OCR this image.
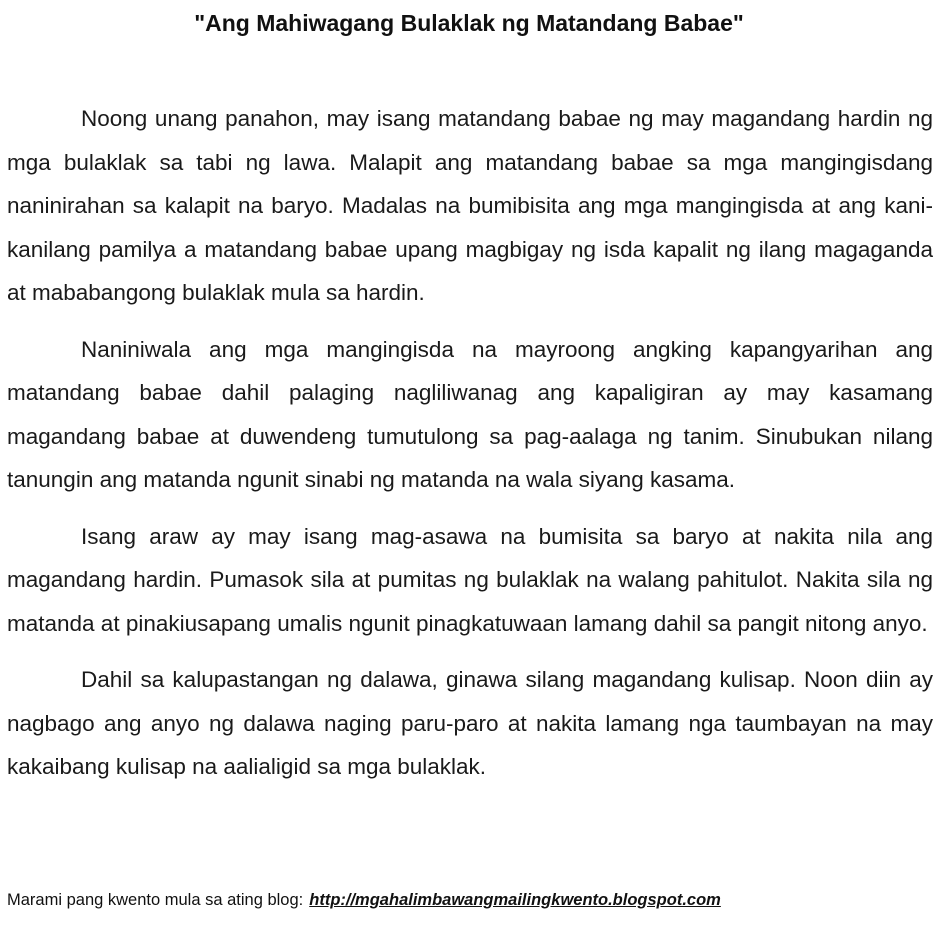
"Ang Mahiwagang Bulaklak ng Matandang Babae"

Noong unang panahon, may isang matandang babae ng may magandang hardin ng mga bulaklak sa tabi ng lawa. Malapit ang matandang babae sa mga mangingisdang naninirahan sa kalapit na baryo. Madalas na bumibisita ang mga mangingisda at ang kani-kanilang pamilya a matandang babae upang magbigay ng isda kapalit ng ilang magaganda at mababangong bulaklak mula sa hardin.

Naniniwala ang mga mangingisda na mayroong angking kapangyarihan ang matandang babae dahil palaging nagliliwanag ang kapaligiran ay may kasamang magandang babae at duwendeng tumutulong sa pag-aalaga ng tanim. Sinubukan nilang tanungin ang matanda ngunit sinabi ng matanda na wala siyang kasama.

Isang araw ay may isang mag-asawa na bumisita sa baryo at nakita nila ang magandang hardin. Pumasok sila at pumitas ng bulaklak na walang pahitulot. Nakita sila ng matanda at pinakiusapang umalis ngunit pinagkatuwaan lamang dahil sa pangit nitong anyo.

Dahil sa kalupastangan ng dalawa, ginawa silang magandang kulisap. Noon diin ay nagbago ang anyo ng dalawa naging paru-paro at nakita lamang nga taumbayan na may kakaibang kulisap na aalialigid sa mga bulaklak.

Marami pang kwento mula sa ating blog: http://mgahalimbawangmailingkwento.blogspot.com
